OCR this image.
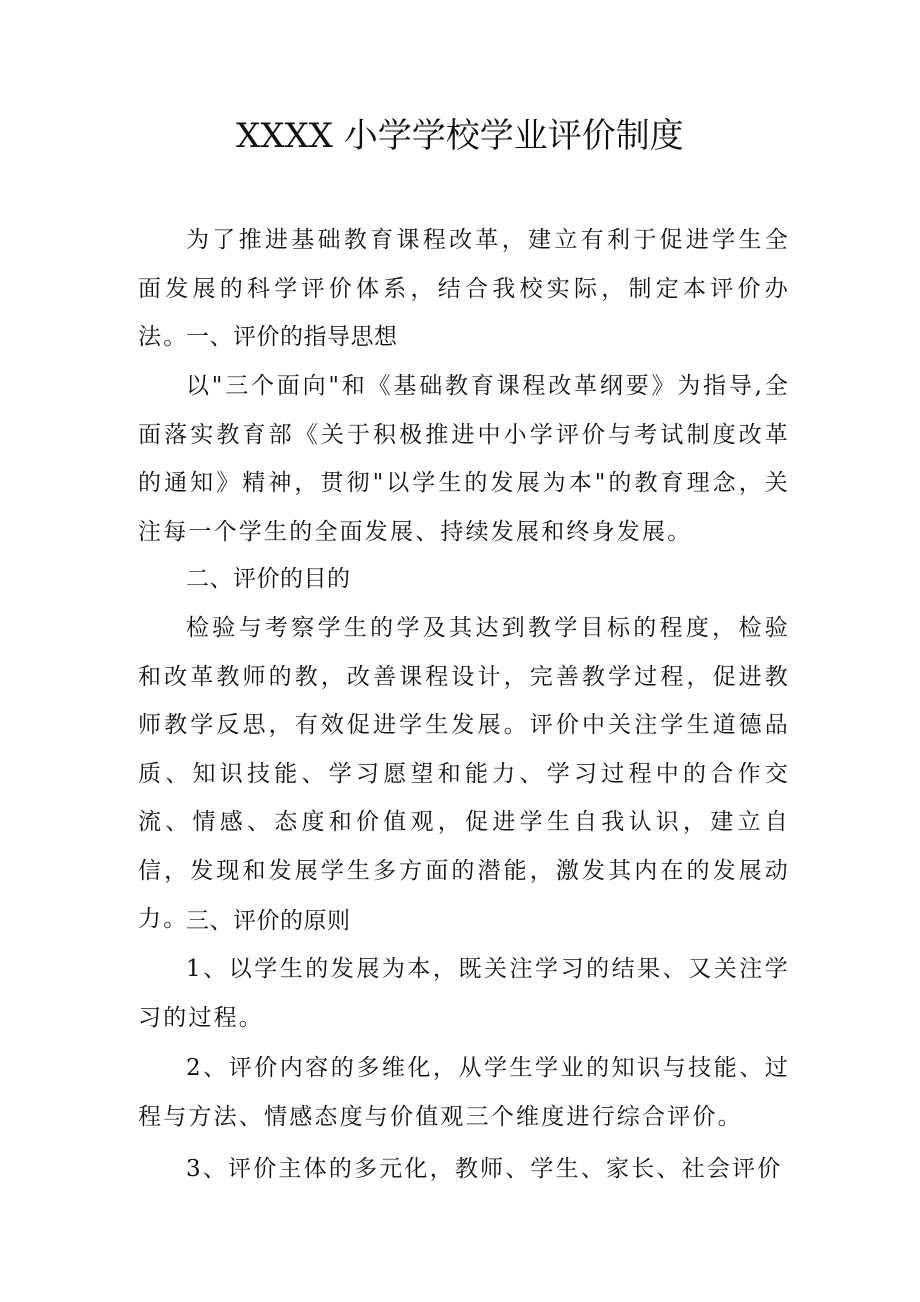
XXXX 小学学校学业评价制度

为了推进基础教育课程改革，建立有利于促进学生全面发展的科学评价体系，结合我校实际，制定本评价办法。

一、评价的指导思想

以"三个面向"和《基础教育课程改革纲要》为指导,全面落实教育部《关于积极推进中小学评价与考试制度改革的通知》精神，贯彻"以学生的发展为本"的教育理念，关注每一个学生的全面发展、持续发展和终身发展。

二、评价的目的

检验与考察学生的学及其达到教学目标的程度，检验和改革教师的教，改善课程设计，完善教学过程，促进教师教学反思，有效促进学生发展。评价中关注学生道德品质、知识技能、学习愿望和能力、学习过程中的合作交流、情感、态度和价值观，促进学生自我认识，建立自信，发现和发展学生多方面的潜能，激发其内在的发展动力。

三、评价的原则

1、以学生的发展为本，既关注学习的结果、又关注学习的过程。

2、评价内容的多维化，从学生学业的知识与技能、过程与方法、情感态度与价值观三个维度进行综合评价。

3、评价主体的多元化，教师、学生、家长、社会评价
